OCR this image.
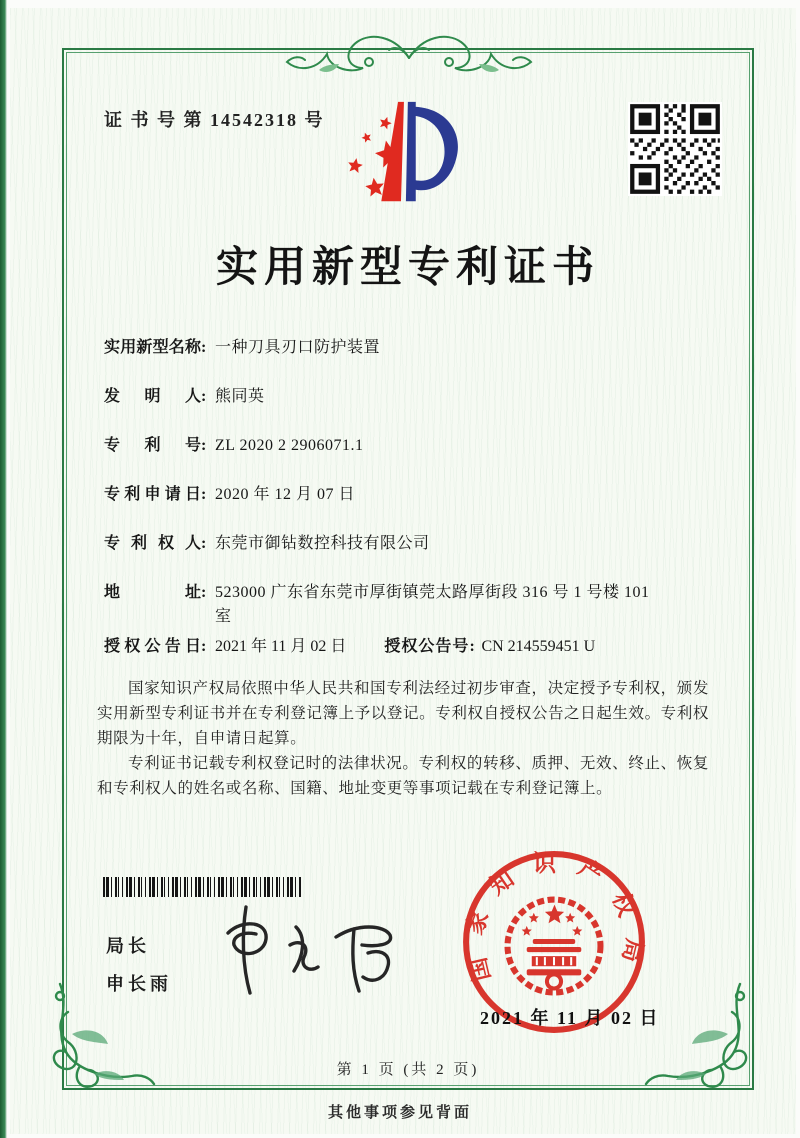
证 书 号 第 14542318 号
实用新型专利证书
实用新型名称 : 一种刀具刃口防护装置
发明人 : 熊同英
专利号 : ZL 2020 2 2906071.1
专利申请日 : 2020 年 12 月 07 日
专利权人 : 东莞市御钻数控科技有限公司
地址 : 523000 广东省东莞市厚街镇莞太路厚街段 316 号 1 号楼 101 室
授权公告日 : 2021 年 11 月 02 日 授权公告号 : CN 214559451 U

国家知识产权局依照中华人民共和国专利法经过初步审查，决定授予专利权，颁发实用新型专利证书并在专利登记簿上予以登记。专利权自授权公告之日起生效。专利权期限为十年，自申请日起算。

专利证书记载专利权登记时的法律状况。专利权的转移、质押、无效、终止、恢复和专利权人的姓名或名称、国籍、地址变更等事项记载在专利登记簿上。

局长
申长雨
国家知识产权局
2021 年 11 月 02 日
第 1 页 (共 2 页)
其他事项参见背面
